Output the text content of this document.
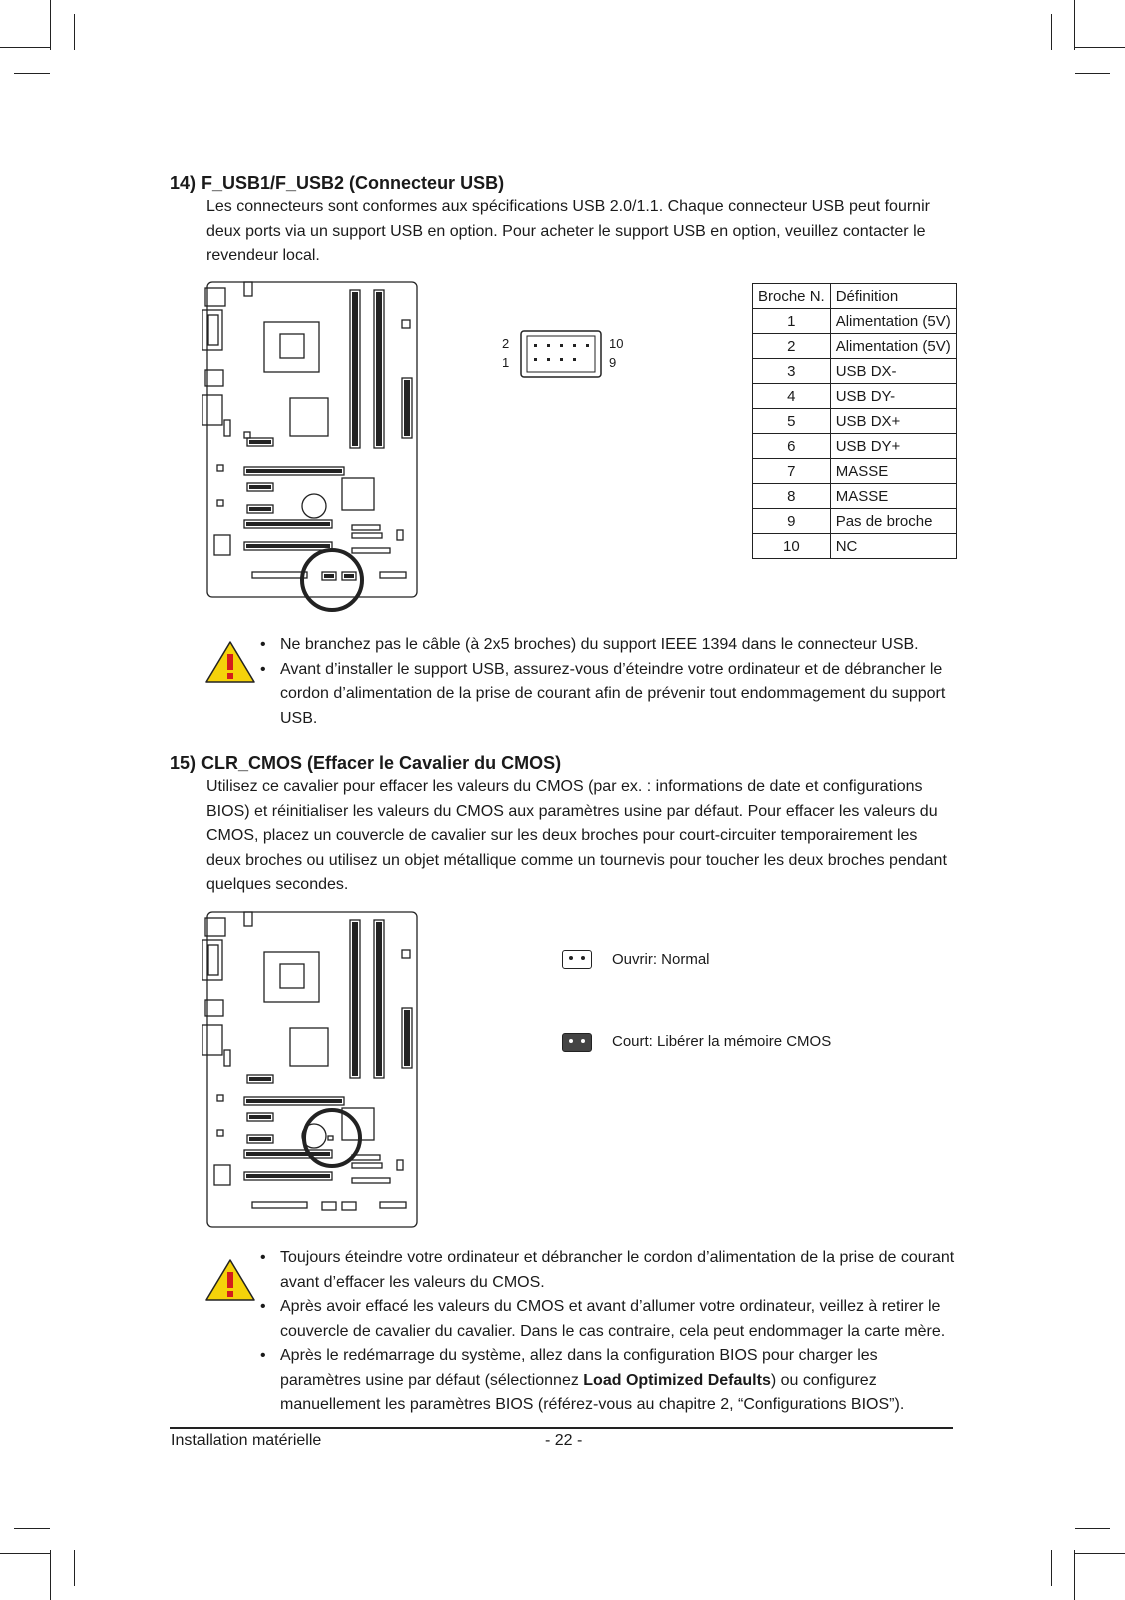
14) F_USB1/F_USB2 (Connecteur USB)
Les connecteurs sont conformes aux spécifications USB 2.0/1.1. Chaque connecteur USB peut fournir deux ports via un support USB en option. Pour acheter le support USB en option, veuillez contacter le revendeur local.
2
1
10
9
Broche N.	Définition
1	Alimentation (5V)
2	Alimentation (5V)
3	USB DX-
4	USB DY-
5	USB DX+
6	USB DY+
7	MASSE
8	MASSE
9	Pas de broche
10	NC
• Ne branchez pas le câble (à 2x5 broches) du support IEEE 1394 dans le connecteur USB.
• Avant d’installer le support USB, assurez-vous d’éteindre votre ordinateur et de débrancher le cordon d’alimentation de la prise de courant afin de prévenir tout endommagement du support USB.
15) CLR_CMOS (Effacer le Cavalier du CMOS)
Utilisez ce cavalier pour effacer les valeurs du CMOS (par ex. : informations de date et configurations BIOS) et réinitialiser les valeurs du CMOS aux paramètres usine par défaut. Pour effacer les valeurs du CMOS, placez un couvercle de cavalier sur les deux broches pour court-circuiter temporairement les deux broches ou utilisez un objet métallique comme un tournevis pour toucher les deux broches pendant quelques secondes.
Ouvrir: Normal
Court: Libérer la mémoire CMOS
• Toujours éteindre votre ordinateur et débrancher le cordon d’alimentation de la prise de courant avant d’effacer les valeurs du CMOS.
• Après avoir effacé les valeurs du CMOS et avant d’allumer votre ordinateur, veillez à retirer le couvercle de cavalier du cavalier. Dans le cas contraire, cela peut endommager la carte mère.
• Après le redémarrage du système, allez dans la configuration BIOS pour charger les paramètres usine par défaut (sélectionnez Load Optimized Defaults) ou configurez manuellement les paramètres BIOS (référez-vous au chapitre 2, “Configurations BIOS”).
Installation matérielle	- 22 -
